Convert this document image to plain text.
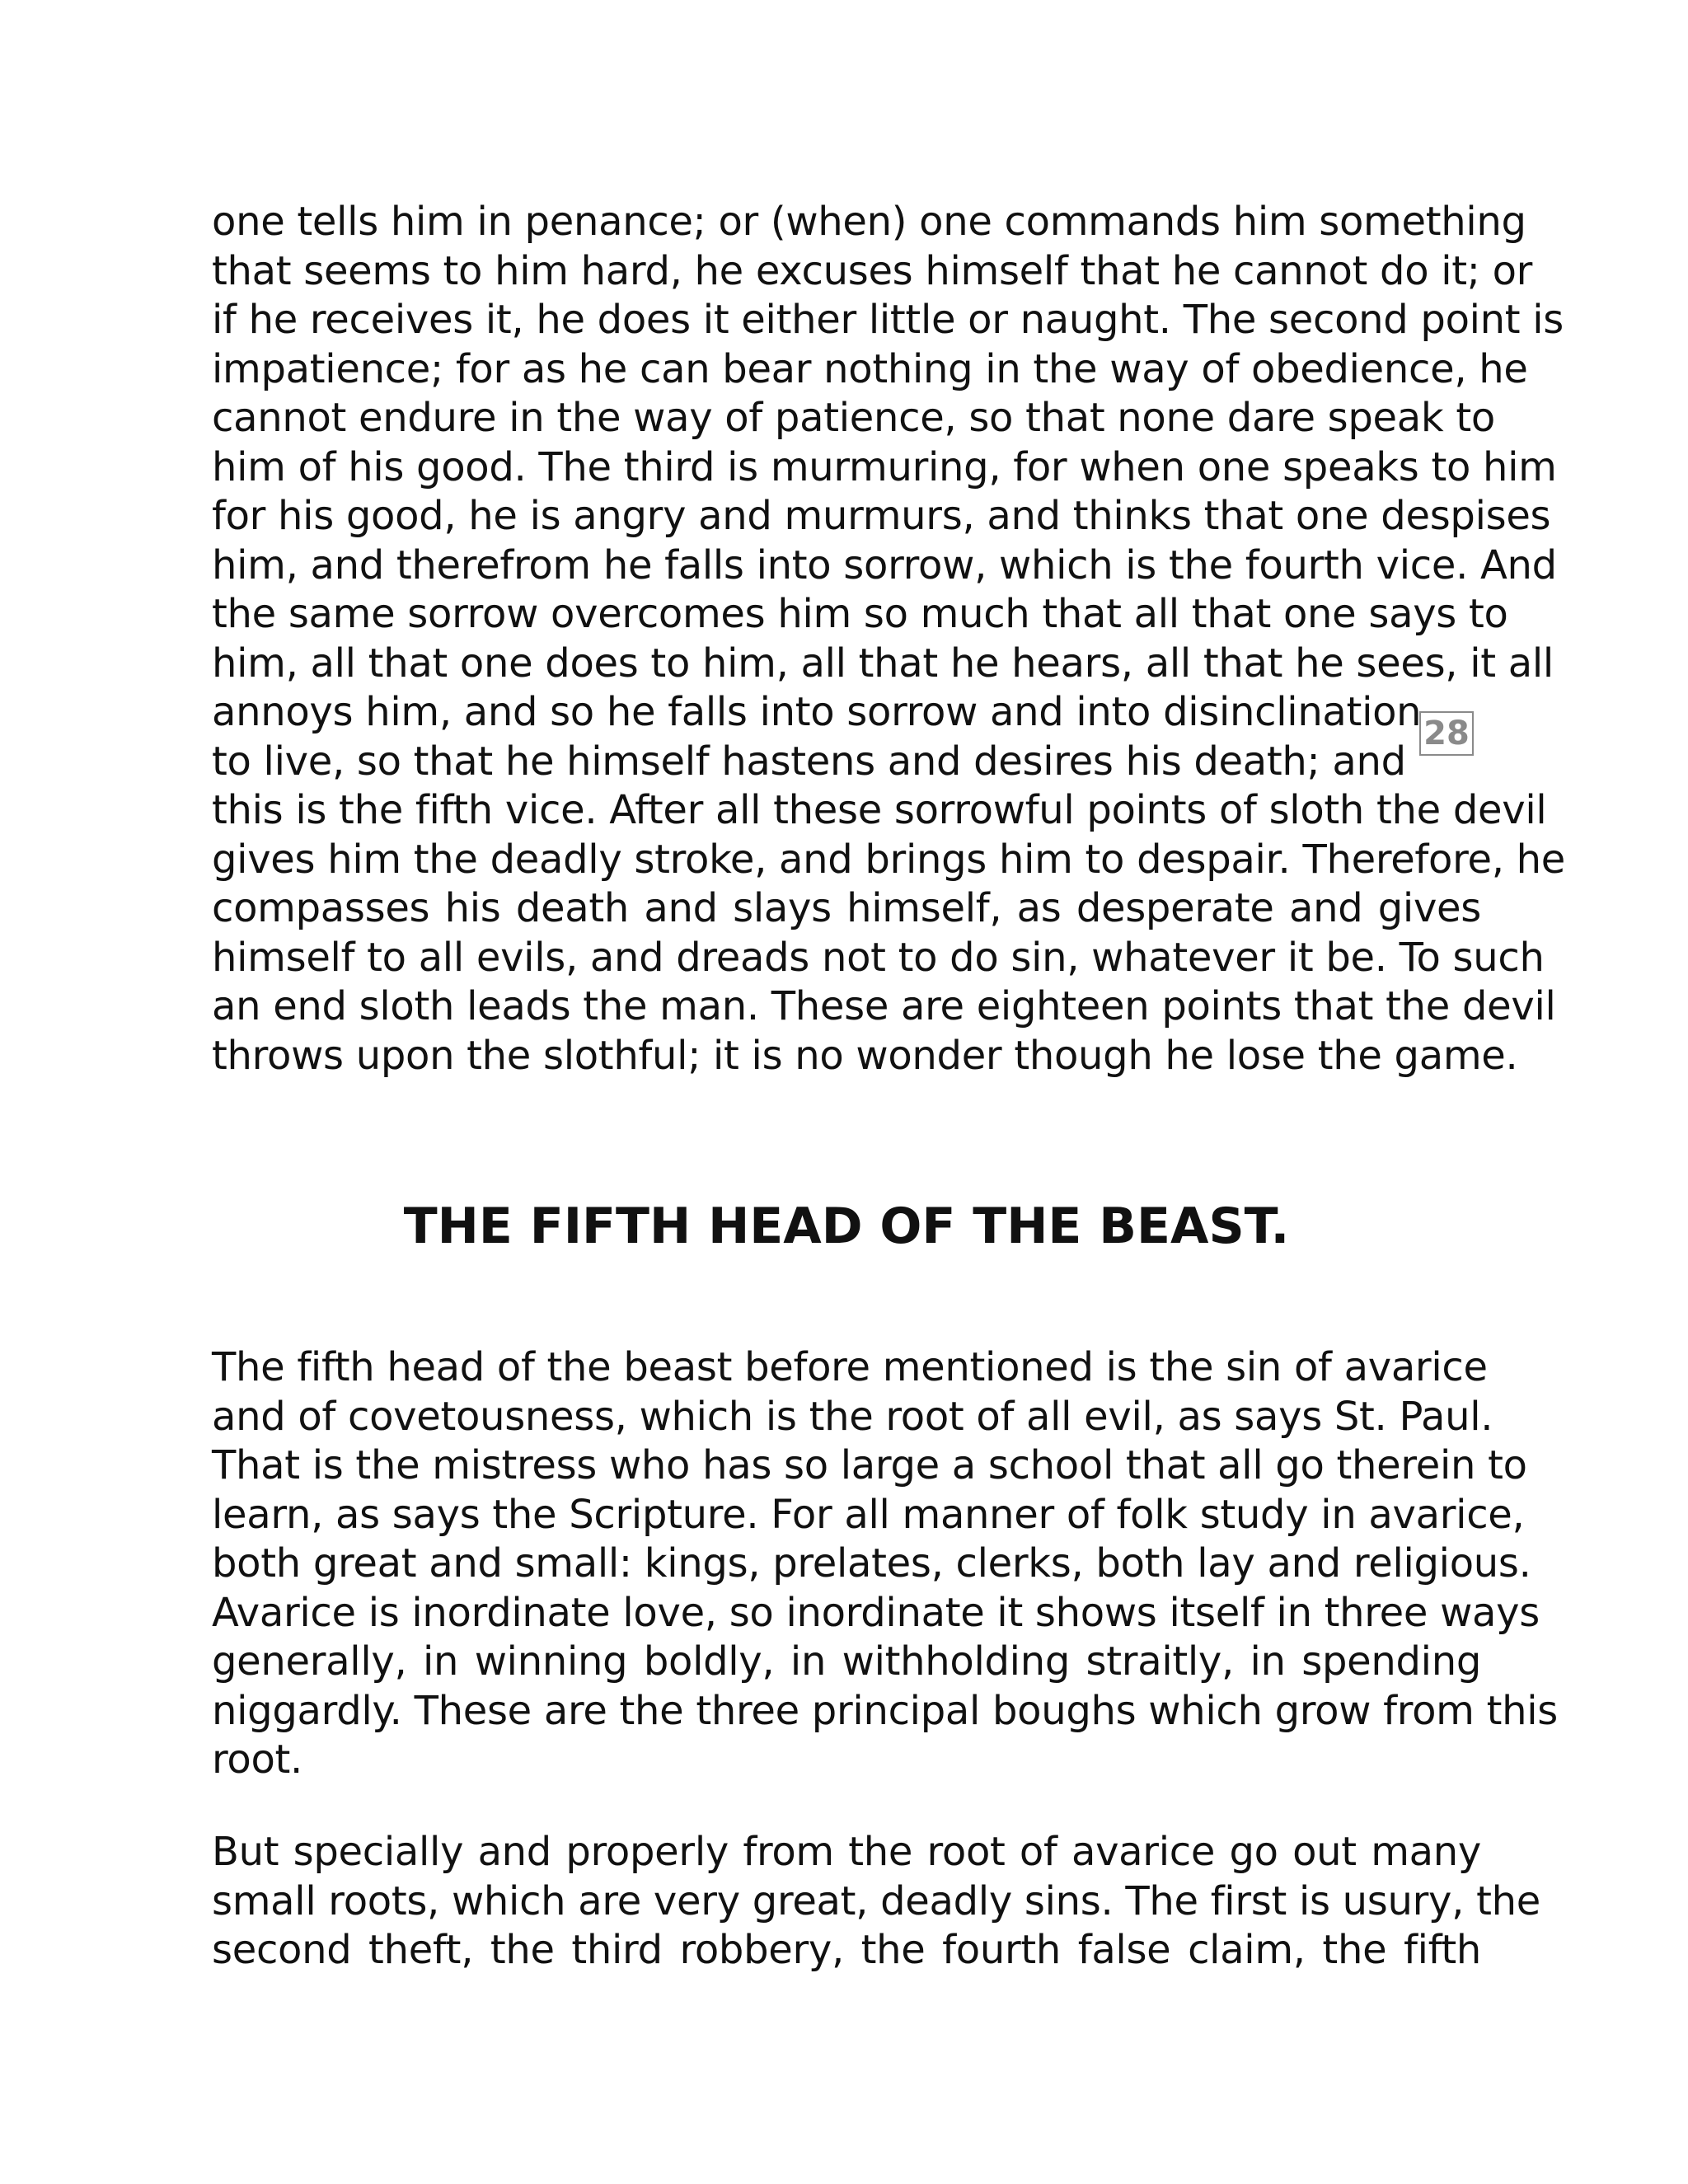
one tells him in penance; or (when) one commands him something
that seems to him hard, he excuses himself that he cannot do it; or
if he receives it, he does it either little or naught. The second point is
impatience; for as he can bear nothing in the way of obedience, he
cannot endure in the way of patience, so that none dare speak to
him of his good. The third is murmuring, for when one speaks to him
for his good, he is angry and murmurs, and thinks that one despises
him, and therefrom he falls into sorrow, which is the fourth vice. And
the same sorrow overcomes him so much that all that one says to
him, all that one does to him, all that he hears, all that he sees, it all
annoys him, and so he falls into sorrow and into disinclination
to live, so that he himself hastens and desires his death; and
this is the fifth vice. After all these sorrowful points of sloth the devil
gives him the deadly stroke, and brings him to despair. Therefore, he
compasses his death and slays himself, as desperate and gives
himself to all evils, and dreads not to do sin, whatever it be. To such
an end sloth leads the man. These are eighteen points that the devil
throws upon the slothful; it is no wonder though he lose the game.
28
THE FIFTH HEAD OF THE BEAST.
The fifth head of the beast before mentioned is the sin of avarice
and of covetousness, which is the root of all evil, as says St. Paul.
That is the mistress who has so large a school that all go therein to
learn, as says the Scripture. For all manner of folk study in avarice,
both great and small: kings, prelates, clerks, both lay and religious.
Avarice is inordinate love, so inordinate it shows itself in three ways
generally, in winning boldly, in withholding straitly, in spending
niggardly. These are the three principal boughs which grow from this
root.
But specially and properly from the root of avarice go out many
small roots, which are very great, deadly sins. The first is usury, the
second theft, the third robbery, the fourth false claim, the fifth
